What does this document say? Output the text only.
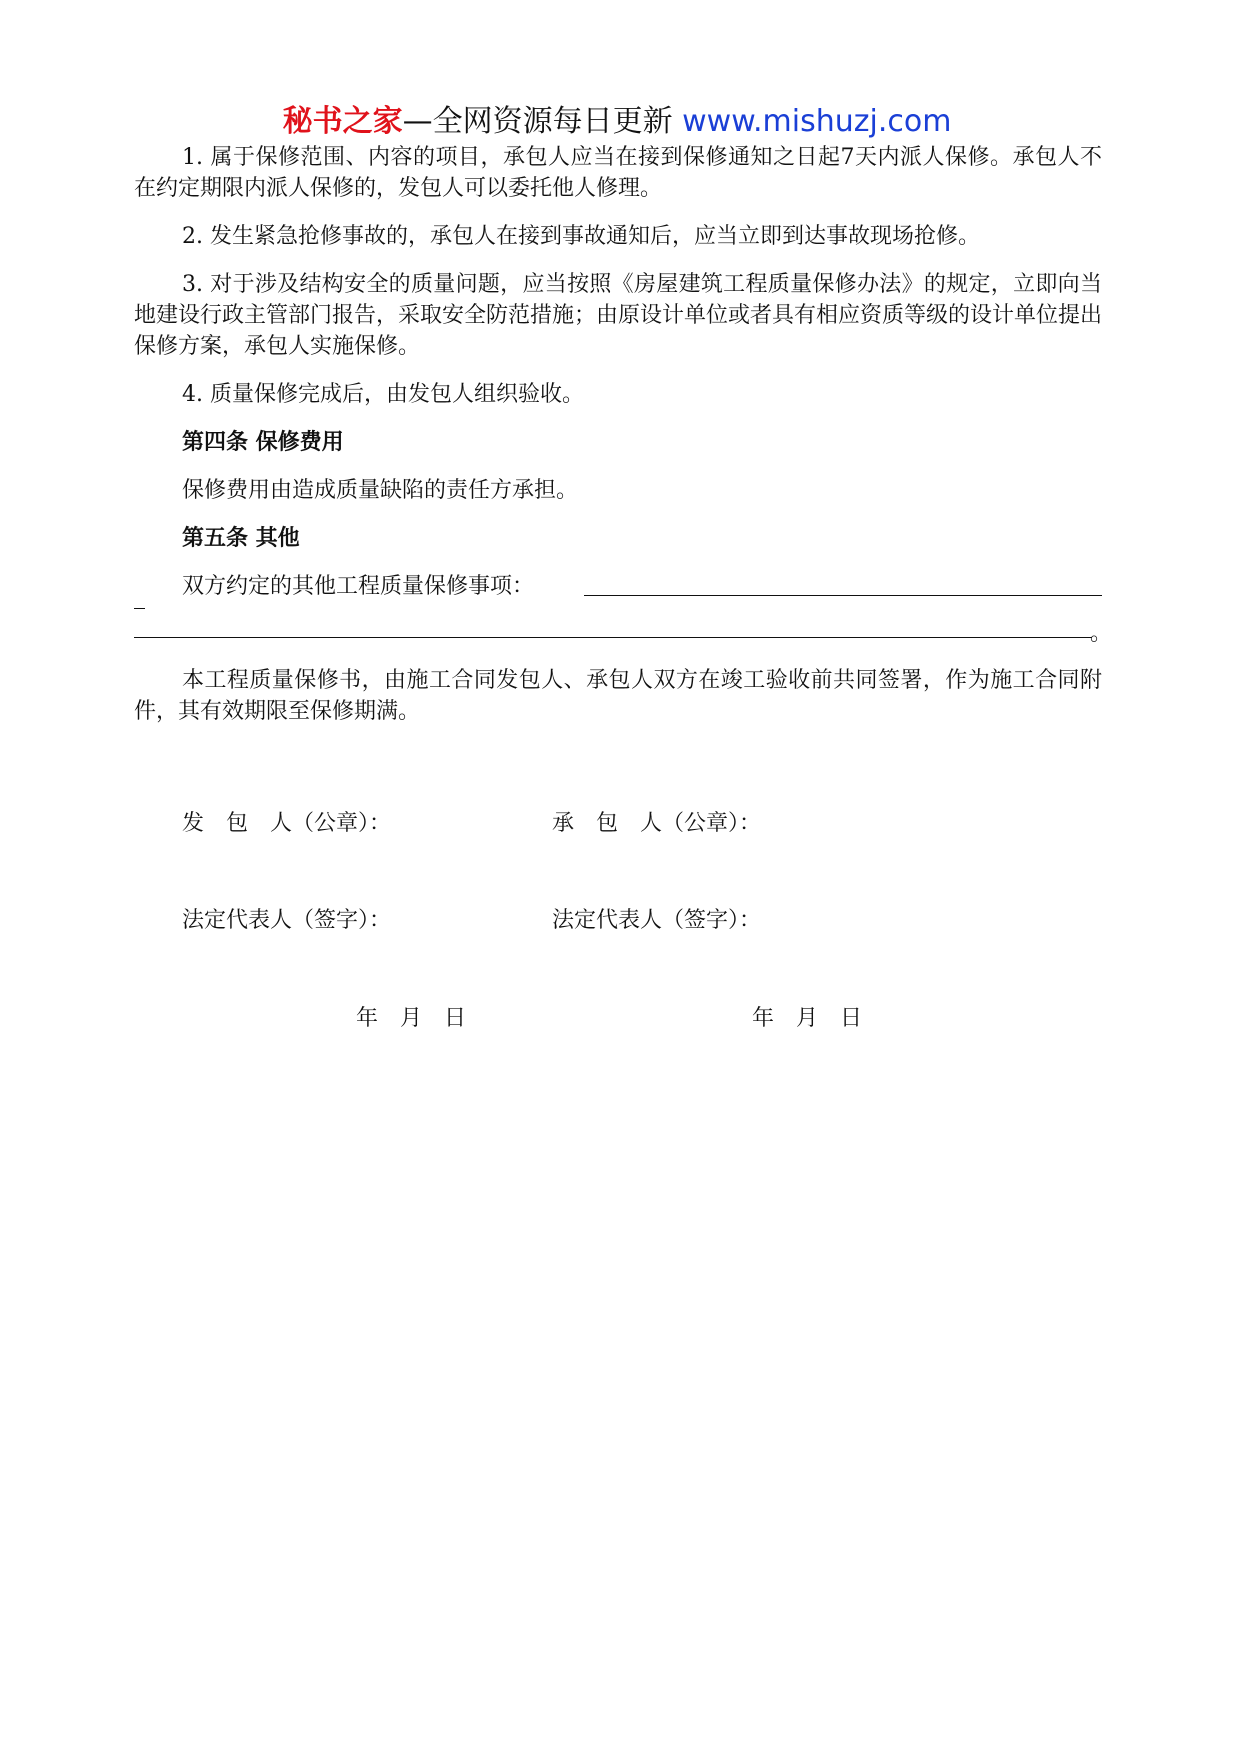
秘书之家—全网资源每日更新 www.mishuzj.com

1. 属于保修范围、内容的项目，承包人应当在接到保修通知之日起7天内派人保修。承包人不在约定期限内派人保修的，发包人可以委托他人修理。

2. 发生紧急抢修事故的，承包人在接到事故通知后，应当立即到达事故现场抢修。

3. 对于涉及结构安全的质量问题，应当按照《房屋建筑工程质量保修办法》的规定，立即向当地建设行政主管部门报告，采取安全防范措施；由原设计单位或者具有相应资质等级的设计单位提出保修方案，承包人实施保修。

4. 质量保修完成后，由发包人组织验收。

第四条 保修费用

保修费用由造成质量缺陷的责任方承担。

第五条 其他

双方约定的其他工程质量保修事项：
。

本工程质量保修书，由施工合同发包人、承包人双方在竣工验收前共同签署，作为施工合同附件，其有效期限至保修期满。

发　包　人（公章）：	承　包　人（公章）：
法定代表人（签字）：	法定代表人（签字）：
年　月　日	年　月　日
